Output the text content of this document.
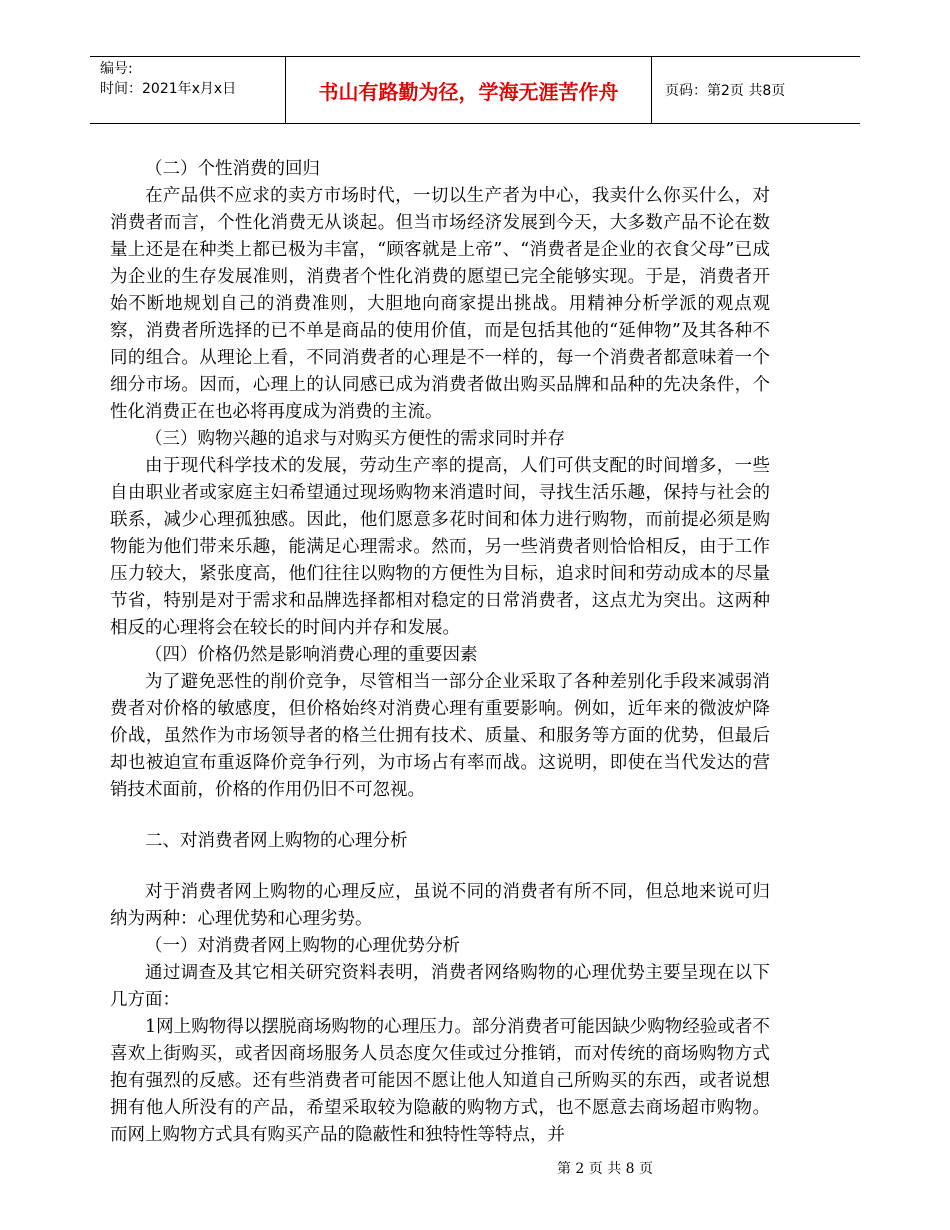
编号:
时间：2021年x月x日	书山有路勤为径，学海无涯苦作舟	页码：第2页 共8页

（二）个性消费的回归

在产品供不应求的卖方市场时代，一切以生产者为中心，我卖什么你买什么，对消费者而言，个性化消费无从谈起。但当市场经济发展到今天，大多数产品不论在数量上还是在种类上都已极为丰富，“顾客就是上帝”、“消费者是企业的衣食父母”已成为企业的生存发展准则，消费者个性化消费的愿望已完全能够实现。于是，消费者开始不断地规划自己的消费准则，大胆地向商家提出挑战。用精神分析学派的观点观察，消费者所选择的已不单是商品的使用价值，而是包括其他的“延伸物”及其各种不同的组合。从理论上看，不同消费者的心理是不一样的，每一个消费者都意味着一个细分市场。因而，心理上的认同感已成为消费者做出购买品牌和品种的先决条件，个性化消费正在也必将再度成为消费的主流。

（三）购物兴趣的追求与对购买方便性的需求同时并存

由于现代科学技术的发展，劳动生产率的提高，人们可供支配的时间增多，一些自由职业者或家庭主妇希望通过现场购物来消遣时间，寻找生活乐趣，保持与社会的联系，减少心理孤独感。因此，他们愿意多花时间和体力进行购物，而前提必须是购物能为他们带来乐趣，能满足心理需求。然而，另一些消费者则恰恰相反，由于工作压力较大，紧张度高，他们往往以购物的方便性为目标，追求时间和劳动成本的尽量节省，特别是对于需求和品牌选择都相对稳定的日常消费者，这点尤为突出。这两种相反的心理将会在较长的时间内并存和发展。

（四）价格仍然是影响消费心理的重要因素

为了避免恶性的削价竞争，尽管相当一部分企业采取了各种差别化手段来减弱消费者对价格的敏感度，但价格始终对消费心理有重要影响。例如，近年来的微波炉降价战，虽然作为市场领导者的格兰仕拥有技术、质量、和服务等方面的优势，但最后却也被迫宣布重返降价竞争行列，为市场占有率而战。这说明，即使在当代发达的营销技术面前，价格的作用仍旧不可忽视。

二、对消费者网上购物的心理分析

对于消费者网上购物的心理反应，虽说不同的消费者有所不同，但总地来说可归纳为两种：心理优势和心理劣势。

（一）对消费者网上购物的心理优势分析

通过调查及其它相关研究资料表明，消费者网络购物的心理优势主要呈现在以下几方面：

1网上购物得以摆脱商场购物的心理压力。部分消费者可能因缺少购物经验或者不喜欢上街购买，或者因商场服务人员态度欠佳或过分推销，而对传统的商场购物方式抱有强烈的反感。还有些消费者可能因不愿让他人知道自己所购买的东西，或者说想拥有他人所没有的产品，希望采取较为隐蔽的购物方式，也不愿意去商场超市购物。而网上购物方式具有购买产品的隐蔽性和独特性等特点，并

第 2 页 共 8 页
